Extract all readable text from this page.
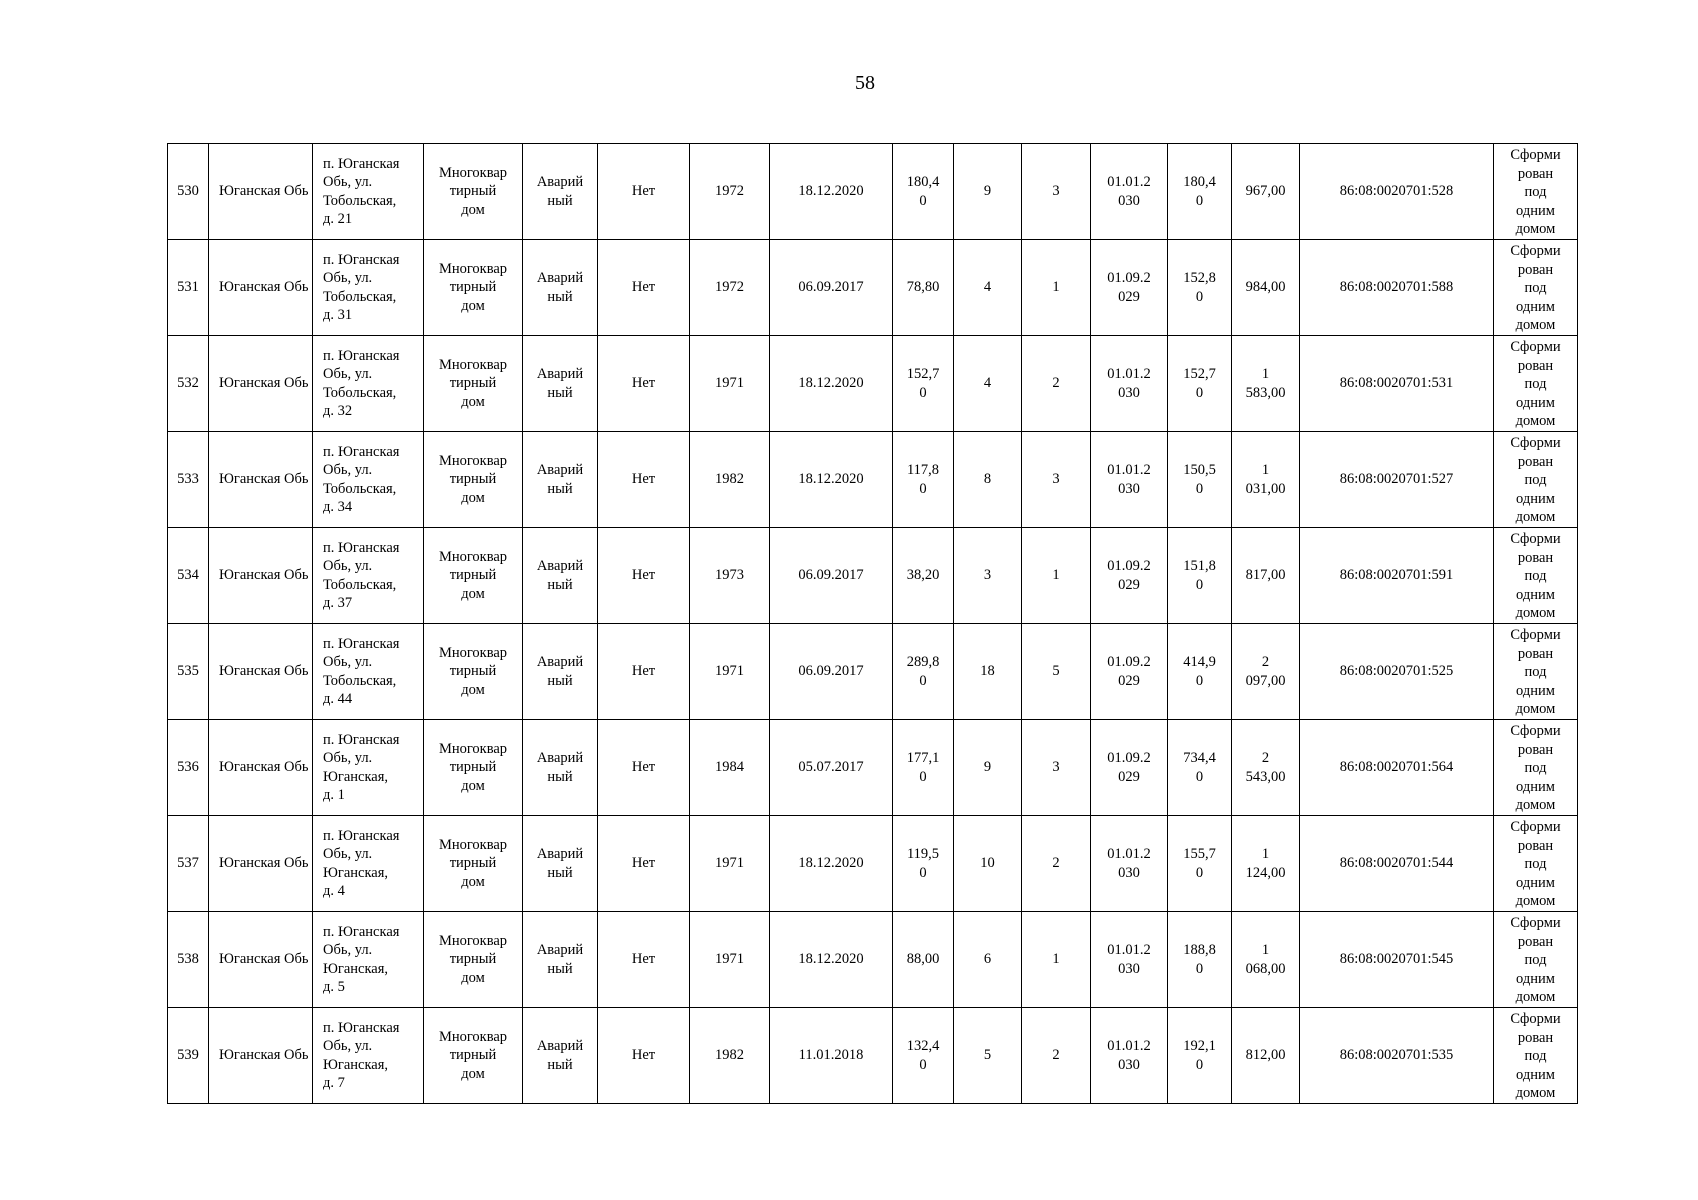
58
530	Юганская Обь	п. Юганская
Обь, ул.
Тобольская,
д. 21	Многоквар
тирный
дом	Аварий
ный	Нет	1972	18.12.2020	180,4
0	9	3	01.01.2
030	180,4
0	967,00	86:08:0020701:528	Сформи
рован
под
одним
домом
531	Юганская Обь	п. Юганская
Обь, ул.
Тобольская,
д. 31	Многоквар
тирный
дом	Аварий
ный	Нет	1972	06.09.2017	78,80	4	1	01.09.2
029	152,8
0	984,00	86:08:0020701:588	Сформи
рован
под
одним
домом
532	Юганская Обь	п. Юганская
Обь, ул.
Тобольская,
д. 32	Многоквар
тирный
дом	Аварий
ный	Нет	1971	18.12.2020	152,7
0	4	2	01.01.2
030	152,7
0	1
583,00	86:08:0020701:531	Сформи
рован
под
одним
домом
533	Юганская Обь	п. Юганская
Обь, ул.
Тобольская,
д. 34	Многоквар
тирный
дом	Аварий
ный	Нет	1982	18.12.2020	117,8
0	8	3	01.01.2
030	150,5
0	1
031,00	86:08:0020701:527	Сформи
рован
под
одним
домом
534	Юганская Обь	п. Юганская
Обь, ул.
Тобольская,
д. 37	Многоквар
тирный
дом	Аварий
ный	Нет	1973	06.09.2017	38,20	3	1	01.09.2
029	151,8
0	817,00	86:08:0020701:591	Сформи
рован
под
одним
домом
535	Юганская Обь	п. Юганская
Обь, ул.
Тобольская,
д. 44	Многоквар
тирный
дом	Аварий
ный	Нет	1971	06.09.2017	289,8
0	18	5	01.09.2
029	414,9
0	2
097,00	86:08:0020701:525	Сформи
рован
под
одним
домом
536	Юганская Обь	п. Юганская
Обь, ул.
Юганская,
д. 1	Многоквар
тирный
дом	Аварий
ный	Нет	1984	05.07.2017	177,1
0	9	3	01.09.2
029	734,4
0	2
543,00	86:08:0020701:564	Сформи
рован
под
одним
домом
537	Юганская Обь	п. Юганская
Обь, ул.
Юганская,
д. 4	Многоквар
тирный
дом	Аварий
ный	Нет	1971	18.12.2020	119,5
0	10	2	01.01.2
030	155,7
0	1
124,00	86:08:0020701:544	Сформи
рован
под
одним
домом
538	Юганская Обь	п. Юганская
Обь, ул.
Юганская,
д. 5	Многоквар
тирный
дом	Аварий
ный	Нет	1971	18.12.2020	88,00	6	1	01.01.2
030	188,8
0	1
068,00	86:08:0020701:545	Сформи
рован
под
одним
домом
539	Юганская Обь	п. Юганская
Обь, ул.
Юганская,
д. 7	Многоквар
тирный
дом	Аварий
ный	Нет	1982	11.01.2018	132,4
0	5	2	01.01.2
030	192,1
0	812,00	86:08:0020701:535	Сформи
рован
под
одним
домом
